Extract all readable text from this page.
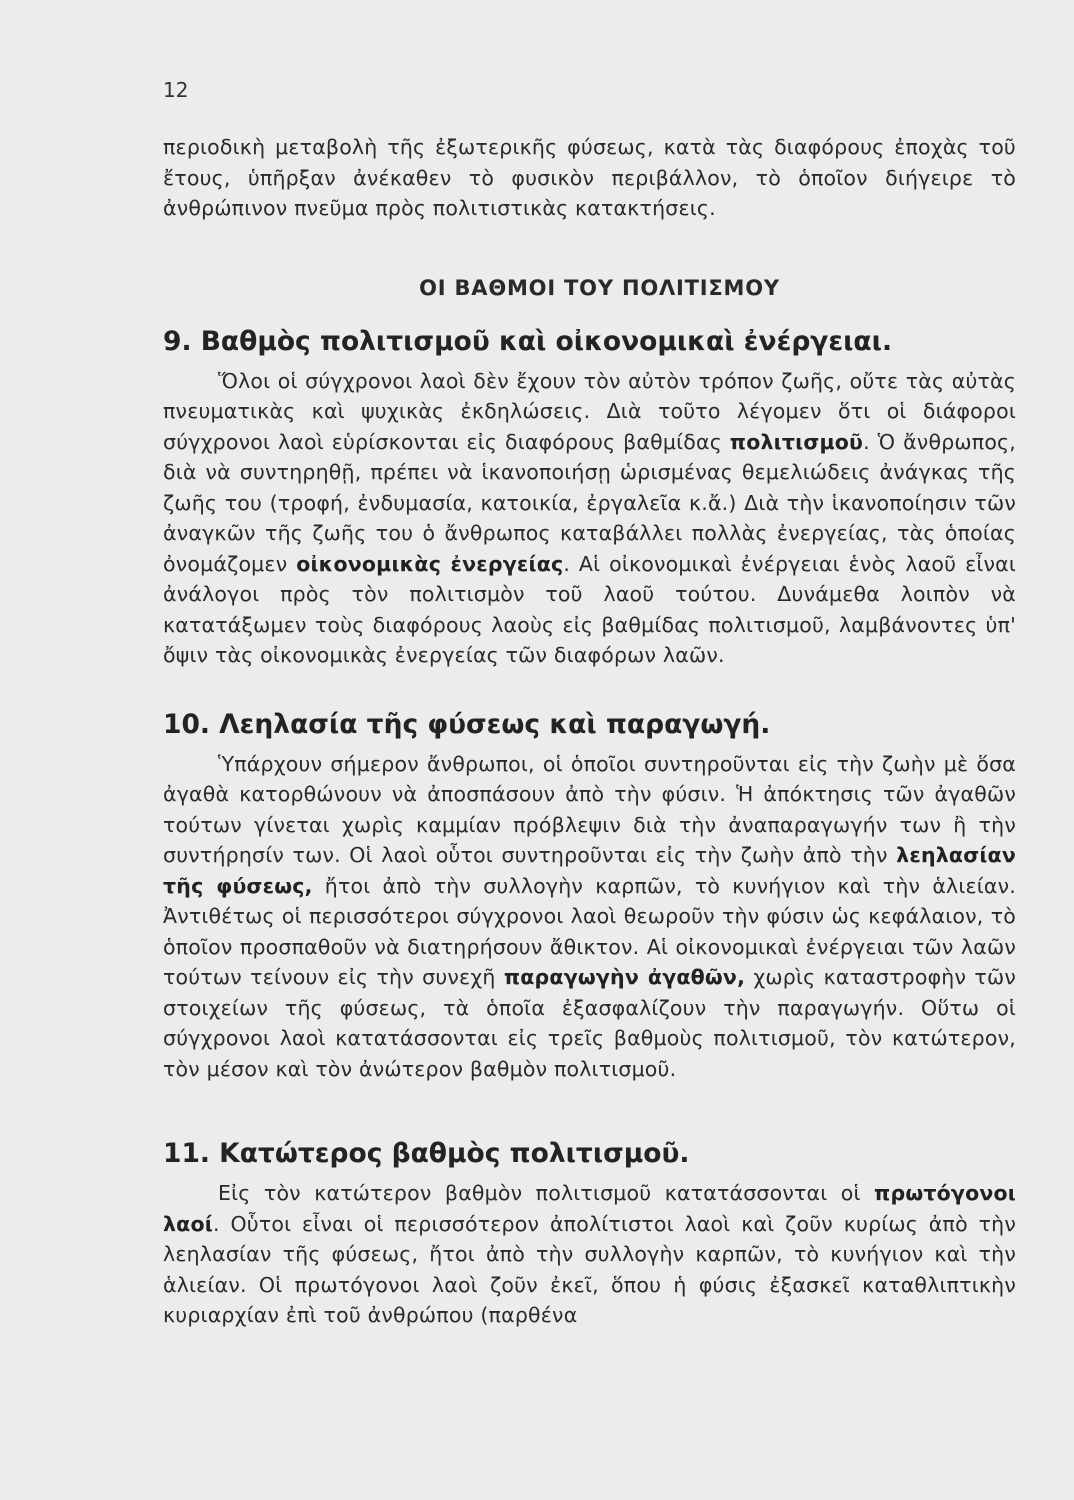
12

περιοδικὴ μεταβολὴ τῆς ἐξωτερικῆς φύσεως, κατὰ τὰς διαφόρους ἐποχὰς τοῦ ἔτους, ὑπῆρξαν ἀνέκαθεν τὸ φυσικὸν περιβάλλον, τὸ ὁποῖον διήγειρε τὸ ἀνθρώπινον πνεῦμα πρὸς πολιτιστικὰς κατακτήσεις.

ΟΙ ΒΑΘΜΟΙ ΤΟΥ ΠΟΛΙΤΙΣΜΟΥ
9. Βαθμὸς πολιτισμοῦ καὶ οἰκονομικαὶ ἐνέργειαι.

Ὅλοι οἱ σύγχρονοι λαοὶ δὲν ἔχουν τὸν αὐτὸν τρόπον ζωῆς, οὔτε τὰς αὐτὰς πνευματικὰς καὶ ψυχικὰς ἐκδηλώσεις. Διὰ τοῦτο λέγομεν ὅτι οἱ διάφοροι σύγχρονοι λαοὶ εὑρίσκονται εἰς διαφόρους βαθμίδας πολιτισμοῦ. Ὁ ἄνθρωπος, διὰ νὰ συντηρηθῇ, πρέπει νὰ ἱκανοποιήσῃ ὡρισμένας θεμελιώδεις ἀνάγκας τῆς ζωῆς του (τροφή, ἐνδυμασία, κατοικία, ἐργαλεῖα κ.ἄ.) Διὰ τὴν ἱκανοποίησιν τῶν ἀναγκῶν τῆς ζωῆς του ὁ ἄνθρωπος καταβάλλει πολλὰς ἐνεργείας, τὰς ὁποίας ὀνομάζομεν οἰκονομικὰς ἐνεργείας. Αἱ οἰκονομικαὶ ἐνέργειαι ἑνὸς λαοῦ εἶναι ἀνάλογοι πρὸς τὸν πολιτισμὸν τοῦ λαοῦ τούτου. Δυνάμεθα λοιπὸν νὰ κατατάξωμεν τοὺς διαφόρους λαοὺς εἰς βαθμίδας πολιτισμοῦ, λαμβάνοντες ὑπ' ὄψιν τὰς οἰκονομικὰς ἐνεργείας τῶν διαφόρων λαῶν.

10. Λεηλασία τῆς φύσεως καὶ παραγωγή.

Ὑπάρχουν σήμερον ἄνθρωποι, οἱ ὁποῖοι συντηροῦνται εἰς τὴν ζωὴν μὲ ὅσα ἀγαθὰ κατορθώνουν νὰ ἀποσπάσουν ἀπὸ τὴν φύσιν. Ἡ ἀπόκτησις τῶν ἀγαθῶν τούτων γίνεται χωρὶς καμμίαν πρόβλεψιν διὰ τὴν ἀναπαραγωγήν των ἢ τὴν συντήρησίν των. Οἱ λαοὶ οὗτοι συντηροῦνται εἰς τὴν ζωὴν ἀπὸ τὴν λεηλασίαν τῆς φύσεως, ἤτοι ἀπὸ τὴν συλλογὴν καρπῶν, τὸ κυνήγιον καὶ τὴν ἁλιείαν. Ἀντιθέτως οἱ περισσότεροι σύγχρονοι λαοὶ θεωροῦν τὴν φύσιν ὡς κεφάλαιον, τὸ ὁποῖον προσπαθοῦν νὰ διατηρήσουν ἄθικτον. Αἱ οἰκονομικαὶ ἐνέργειαι τῶν λαῶν τούτων τείνουν εἰς τὴν συνεχῆ παραγωγὴν ἀγαθῶν, χωρὶς καταστροφὴν τῶν στοιχείων τῆς φύσεως, τὰ ὁποῖα ἐξασφαλίζουν τὴν παραγωγήν. Οὕτω οἱ σύγχρονοι λαοὶ κατατάσσονται εἰς τρεῖς βαθμοὺς πολιτισμοῦ, τὸν κατώτερον, τὸν μέσον καὶ τὸν ἀνώτερον βαθμὸν πολιτισμοῦ.

11. Κατώτερος βαθμὸς πολιτισμοῦ.

Εἰς τὸν κατώτερον βαθμὸν πολιτισμοῦ κατατάσσονται οἱ πρωτόγονοι λαοί. Οὗτοι εἶναι οἱ περισσότερον ἀπολίτιστοι λαοὶ καὶ ζοῦν κυρίως ἀπὸ τὴν λεηλασίαν τῆς φύσεως, ἤτοι ἀπὸ τὴν συλλογὴν καρπῶν, τὸ κυνήγιον καὶ τὴν ἁλιείαν. Οἱ πρωτόγονοι λαοὶ ζοῦν ἐκεῖ, ὅπου ἡ φύσις ἐξασκεῖ καταθλιπτικὴν κυριαρχίαν ἐπὶ τοῦ ἀνθρώπου (παρθένα
